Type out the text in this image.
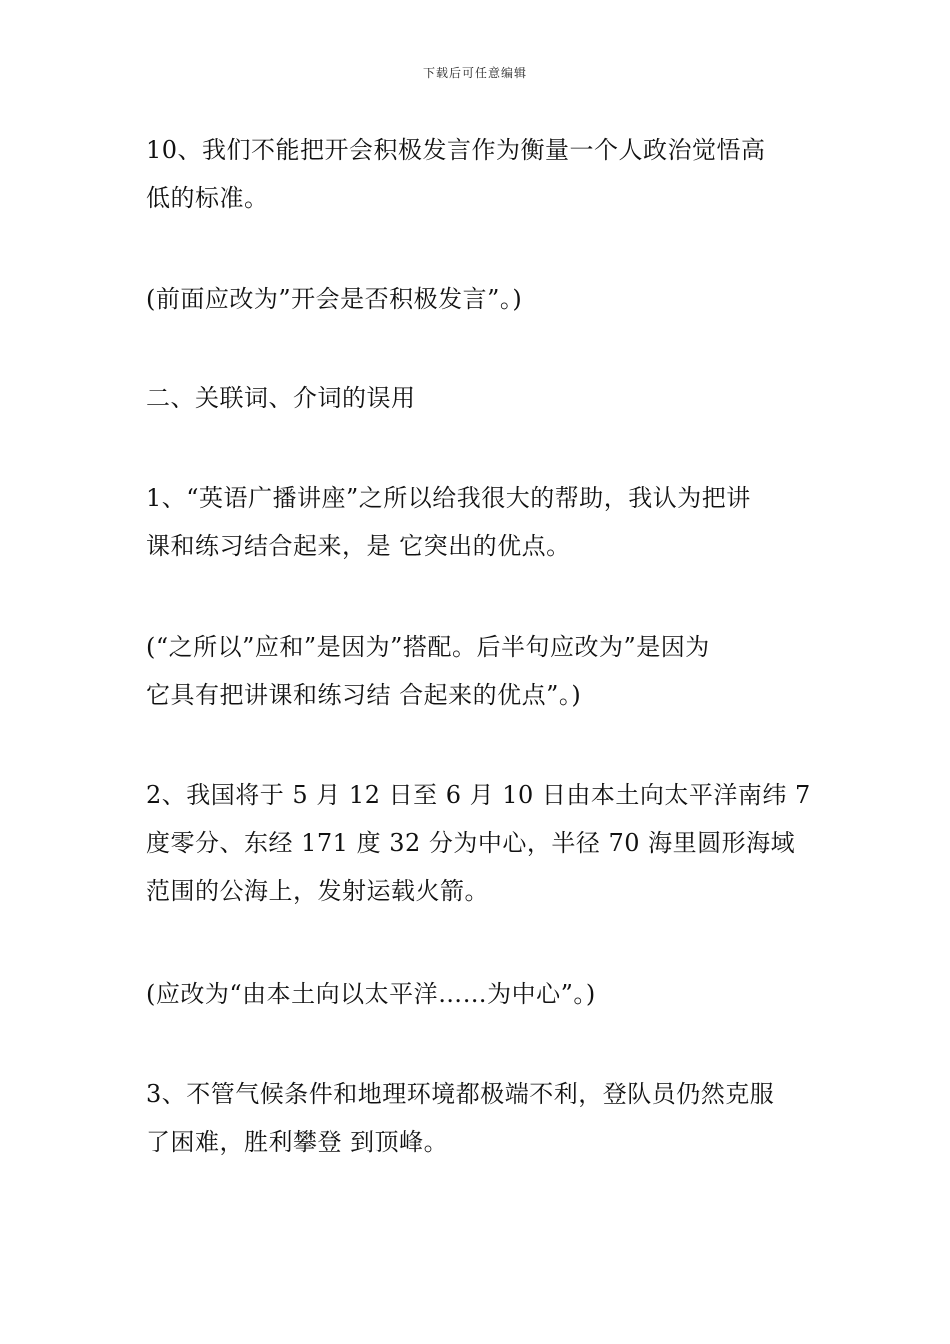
下载后可任意编辑
10、我们不能把开会积极发言作为衡量一个人政治觉悟高
低的标准。
(前面应改为”开会是否积极发言”。)
二、关联词、介词的误用
1、“英语广播讲座”之所以给我很大的帮助，我认为把讲
课和练习结合起来，是 它突出的优点。
(“之所以”应和”是因为”搭配。后半句应改为”是因为
它具有把讲课和练习结 合起来的优点”。)
2、我国将于 5 月 12 日至 6 月 10 日由本土向太平洋南纬 7
度零分、东经 171 度 32 分为中心，半径 70 海里圆形海域
范围的公海上，发射运载火箭。
(应改为“由本土向以太平洋……为中心”。)
3、不管气候条件和地理环境都极端不利，登队员仍然克服
了困难，胜利攀登 到顶峰。
